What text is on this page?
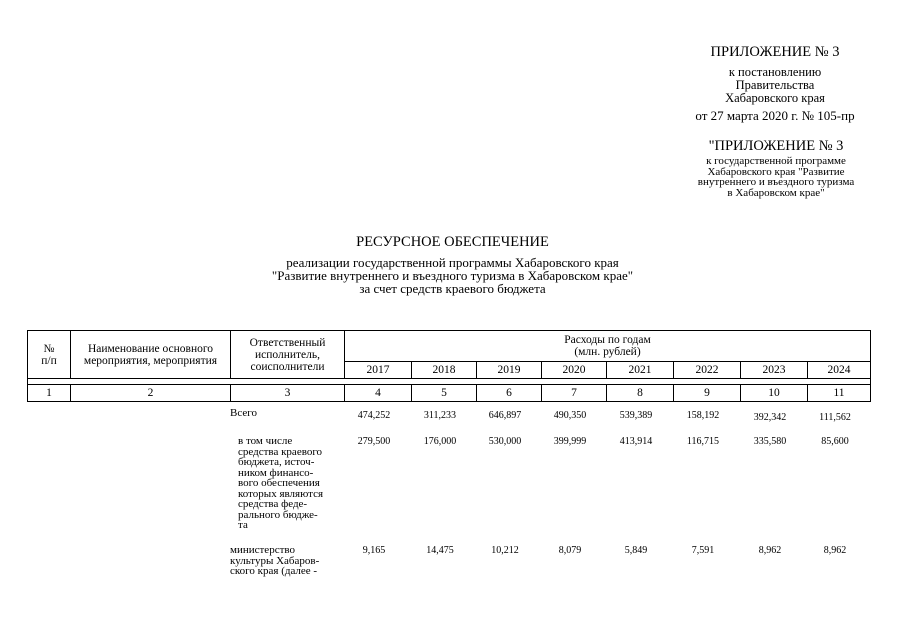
ПРИЛОЖЕНИЕ № 3
к постановлению
Правительства
Хабаровского края
от 27 марта 2020 г. № 105-пр
"ПРИЛОЖЕНИЕ № 3
к государственной программе
Хабаровского края "Развитие
внутреннего и въездного туризма
в Хабаровском крае"
РЕСУРСНОЕ ОБЕСПЕЧЕНИЕ
реализации государственной программы Хабаровского края
"Развитие внутреннего и въездного туризма в Хабаровском крае"
за счет средств краевого бюджета
№
п/п	Наименование основного
мероприятия, мероприятия	Ответственный
исполнитель,
соисполнители	Расходы по годам
(млн. рублей)							

			2017	2018	2019	2020	2021	2022	2023	2024

1	2	3	4	5	6	7	8	9	10	11
Всего	474,252	311,233	646,897	490,350	539,389	158,192	392,342	111,562
в том числе
средства краевого
бюджета, источ-
ником финансо-
вого обеспечения
которых являются
средства феде-
рального бюдже-
та
279,500	176,000	530,000	399,999	413,914	116,715	335,580	85,600
министерство
культуры Хабаров-
ского края (далее -
9,165	14,475	10,212	8,079	5,849	7,591	8,962	8,962
